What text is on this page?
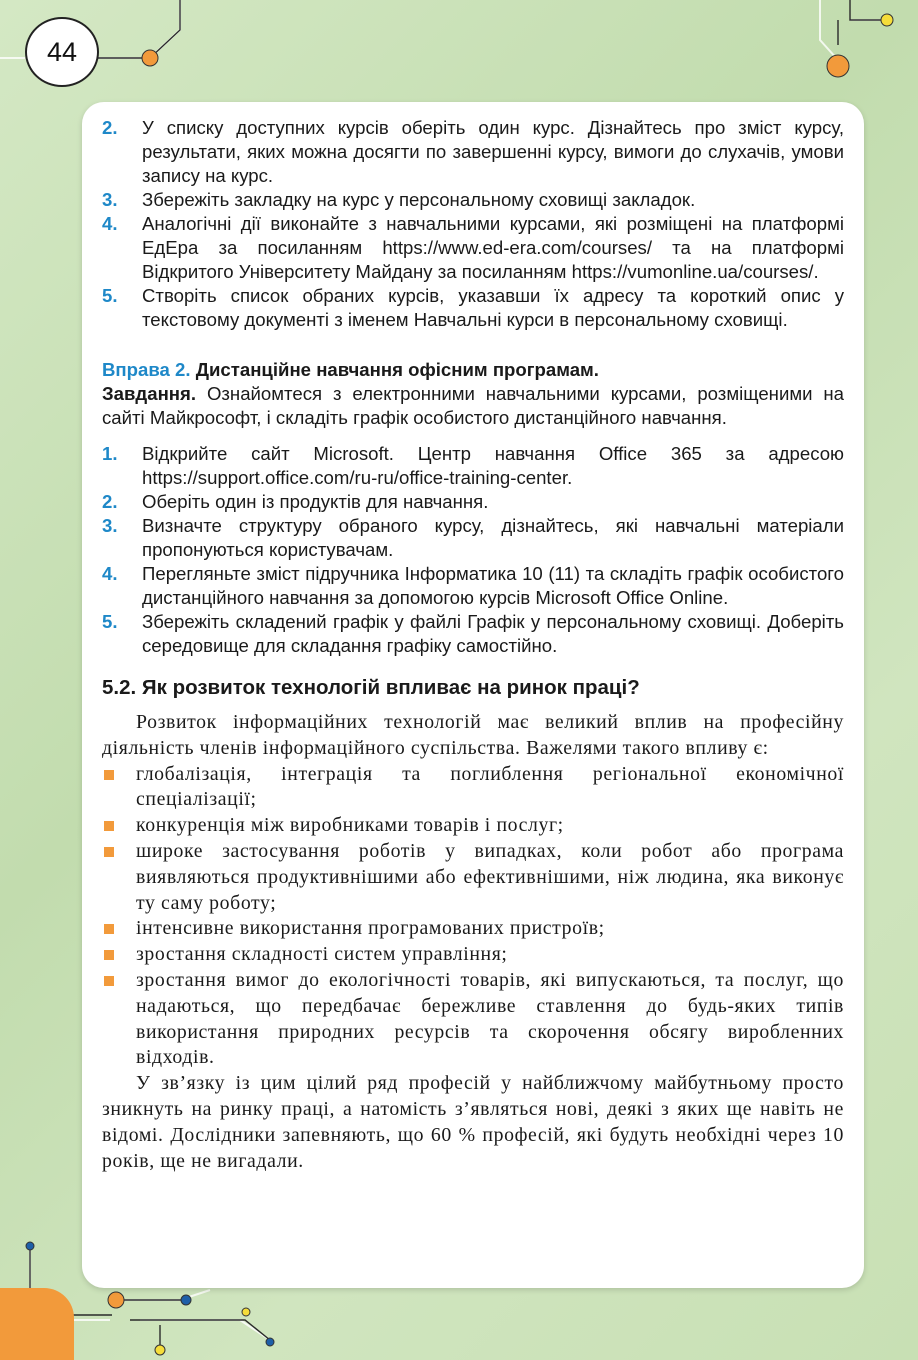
44
2.	У списку доступних курсів оберіть один курс. Дізнайтесь про зміст курсу, результати, яких можна досягти по завершенні курсу, вимоги до слухачів, умови запису на курс.
3.	Збережіть закладку на курс у персональному сховищі закладок.
4.	Аналогічні дії виконайте з навчальними курсами, які розміщені на платформі ЕдЕра за посиланням https://www.ed-era.com/courses/ та на платформі Відкритого Університету Майдану за посиланням https://vumonline.ua/courses/.
5.	Створіть список обраних курсів, указавши їх адресу та короткий опис у текстовому документі з іменем Навчальні курси в персональному сховищі.
Вправа 2. Дистанційне навчання офісним програмам.
Завдання. Ознайомтеся з електронними навчальними курсами, розміщеними на сайті Майкрософт, і складіть графік особистого дистанційного навчання.
1.	Відкрийте сайт Microsoft. Центр навчання Office 365 за адресою https://support.office.com/ru-ru/office-training-center.
2.	Оберіть один із продуктів для навчання.
3.	Визначте структуру обраного курсу, дізнайтесь, які навчальні матеріали пропонуються користувачам.
4.	Перегляньте зміст підручника Інформатика 10 (11) та складіть графік особистого дистанційного навчання за допомогою курсів Microsoft Office Online.
5.	Збережіть складений графік у файлі Графік у персональному сховищі. Доберіть середовище для складання графіку самостійно.
5.2. Як розвиток технологій впливає на ринок праці?
Розвиток інформаційних технологій має великий вплив на професійну діяльність членів інформаційного суспільства. Важелями такого впливу є:
глобалізація, інтеграція та поглиблення регіональної економічної спеціалізації;
конкуренція між виробниками товарів і послуг;
широке застосування роботів у випадках, коли робот або програма виявляються продуктивнішими або ефективнішими, ніж людина, яка виконує ту саму роботу;
інтенсивне використання програмованих пристроїв;
зростання складності систем управління;
зростання вимог до екологічності товарів, які випускаються, та послуг, що надаються, що передбачає бережливе ставлення до будь-яких типів використання природних ресурсів та скорочення обсягу виробленних відходів.
У зв’язку із цим цілий ряд професій у найближчому майбутньому просто зникнуть на ринку праці, а натомість з’являться нові, деякі з яких ще навіть не відомі. Дослідники запевняють, що 60 % професій, які будуть необхідні через 10 років, ще не вигадали.
